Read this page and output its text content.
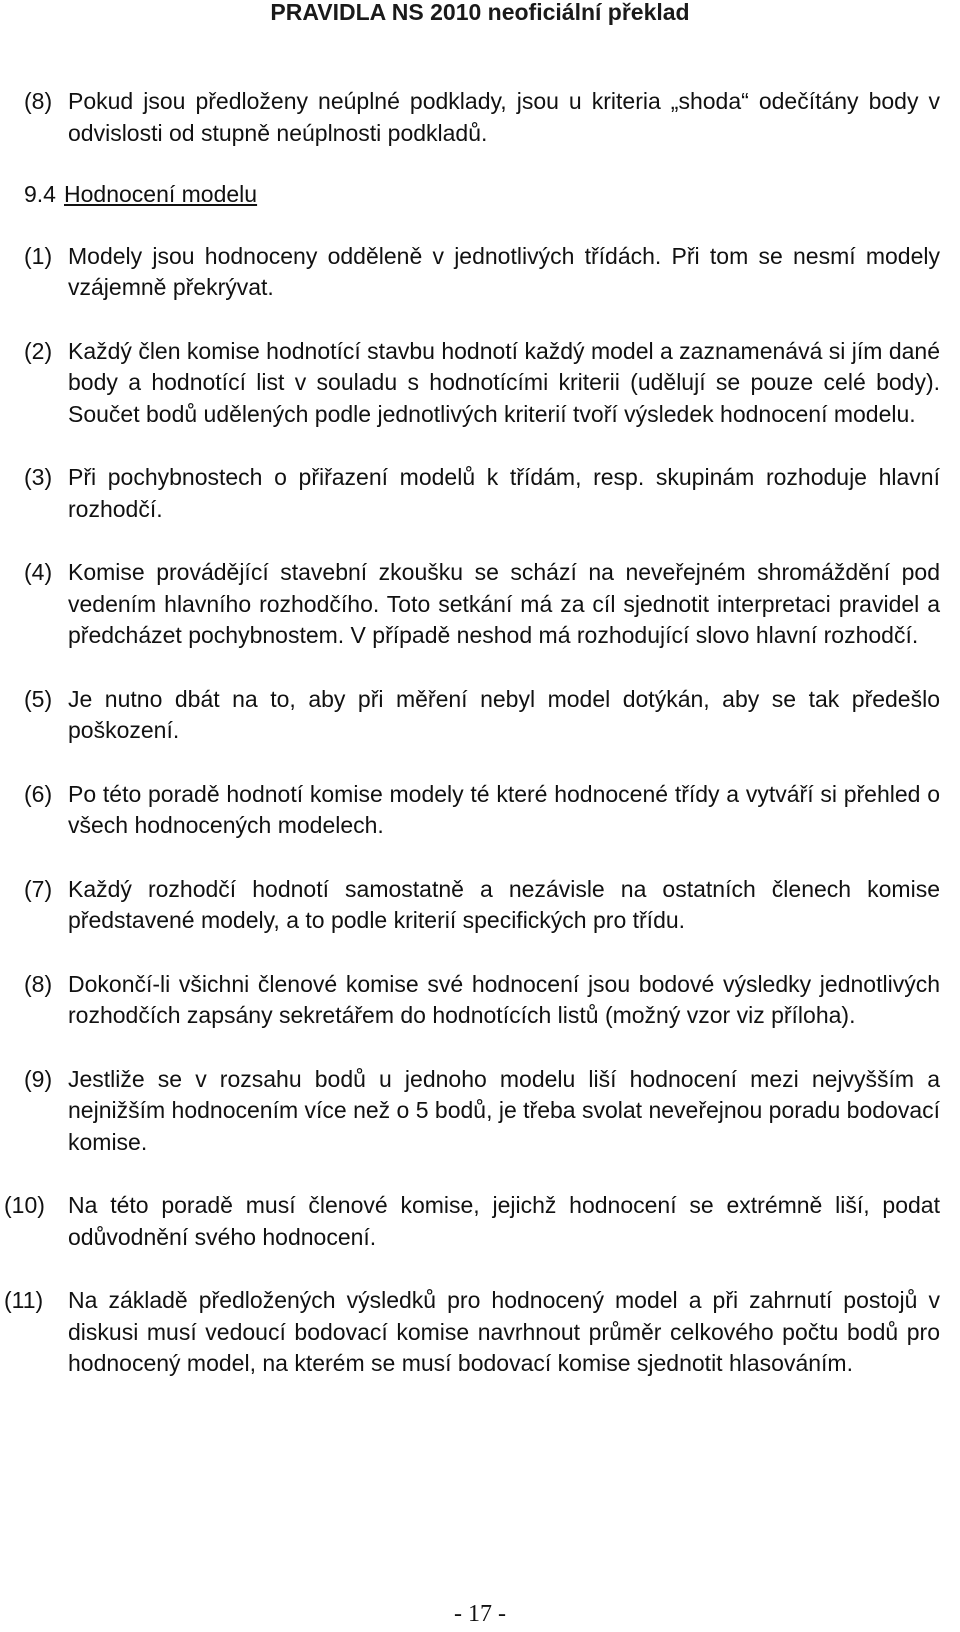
PRAVIDLA NS 2010 neoficiální překlad

(8) Pokud jsou předloženy neúplné podklady, jsou u kriteria „shoda“ odečítány body v odvislosti od stupně neúplnosti podkladů.

9.4 Hodnocení modelu

(1) Modely jsou hodnoceny odděleně v jednotlivých třídách. Při tom se nesmí modely vzájemně překrývat.

(2) Každý člen komise hodnotící stavbu hodnotí každý model a zaznamenává si jím dané body a hodnotící list v souladu s hodnotícími kriterii (udělují se pouze celé body). Součet bodů udělených podle jednotlivých kriterií tvoří výsledek hodnocení modelu.

(3) Při pochybnostech o přiřazení modelů k třídám, resp. skupinám rozhoduje hlavní rozhodčí.

(4) Komise provádějící stavební zkoušku se schází na neveřejném shromáždění pod vedením hlavního rozhodčího. Toto setkání má za cíl sjednotit interpretaci pravidel a předcházet pochybnostem. V případě neshod má rozhodující slovo hlavní rozhodčí.

(5) Je nutno dbát na to, aby při měření nebyl model dotýkán, aby se tak předešlo poškození.

(6) Po této poradě hodnotí komise modely té které hodnocené třídy a vytváří si přehled o všech hodnocených modelech.

(7) Každý rozhodčí hodnotí samostatně a nezávisle na ostatních členech komise představené modely, a to podle kriterií specifických pro třídu.

(8) Dokončí-li všichni členové komise své hodnocení jsou bodové výsledky jednotlivých rozhodčích zapsány sekretářem do hodnotících listů (možný vzor viz příloha).

(9) Jestliže se v rozsahu bodů u jednoho modelu liší hodnocení mezi nejvyšším a nejnižším hodnocením více než o 5 bodů, je třeba svolat neveřejnou poradu bodovací komise.

(10) Na této poradě musí členové komise, jejichž hodnocení se extrémně liší, podat odůvodnění svého hodnocení.

(11) Na základě předložených výsledků pro hodnocený model a při zahrnutí postojů v diskusi musí vedoucí bodovací komise navrhnout průměr celkového počtu bodů pro hodnocený model, na kterém se musí bodovací komise sjednotit hlasováním.

- 17 -
